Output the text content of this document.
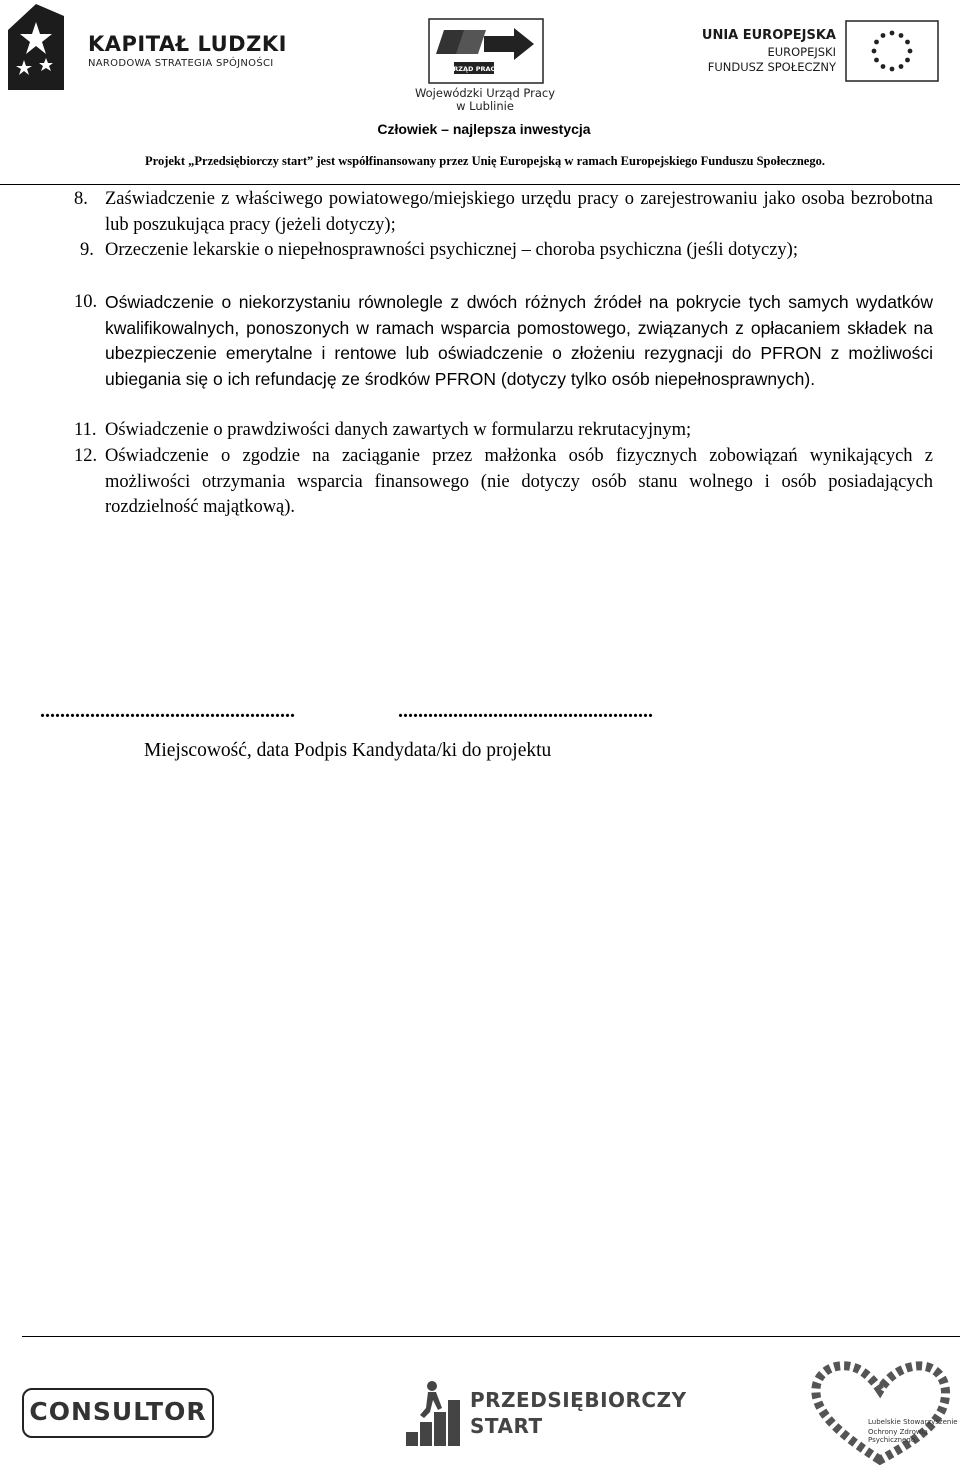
KAPITAŁ LUDZKI
NARODOWA STRATEGIA SPÓJNOŚCI	URZĄD PRACY
Wojewódzki Urząd Pracy
w Lublinie
UNIA EUROPEJSKA
EUROPEJSKI
FUNDUSZ SPOŁECZNY
Człowiek – najlepsza inwestycja
Projekt „Przedsiębiorczy start” jest współfinansowany przez Unię Europejską w ramach Europejskiego Funduszu Społecznego.
8. Zaświadczenie z właściwego powiatowego/miejskiego urzędu pracy o zarejestrowaniu jako osoba bezrobotna lub poszukująca pracy (jeżeli dotyczy);
9. Orzeczenie lekarskie o niepełnosprawności psychicznej – choroba psychiczna (jeśli dotyczy);
10. Oświadczenie o niekorzystaniu równolegle z dwóch różnych źródeł na pokrycie tych samych wydatków kwalifikowalnych, ponoszonych w ramach wsparcia pomostowego, związanych z opłacaniem składek na ubezpieczenie emerytalne i rentowe lub oświadczenie o złożeniu rezygnacji do PFRON z możliwości ubiegania się o ich refundację ze środków PFRON (dotyczy tylko osób niepełnosprawnych).
11. Oświadczenie o prawdziwości danych zawartych w formularzu rekrutacyjnym;
12. Oświadczenie o zgodzie na zaciąganie przez małżonka osób fizycznych zobowiązań wynikających z możliwości otrzymania wsparcia finansowego (nie dotyczy osób stanu wolnego i osób posiadających rozdzielność majątkową).
...................................................	...................................................
Miejscowość, data Podpis Kandydata/ki do projektu
CONSULTOR	PRZEDSIĘBIORCZY
START	Lubelskie Stowarzyszenie
Ochrony Zdrowia Psychicznego
